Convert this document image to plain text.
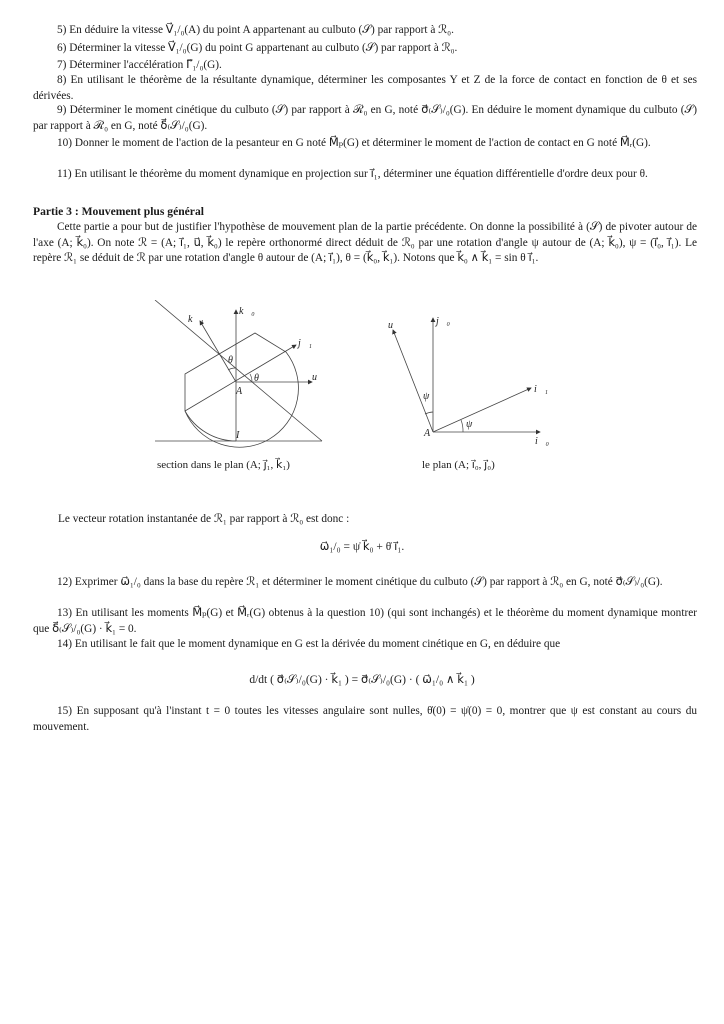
5) En déduire la vitesse V⃗₁/₀(A) du point A appartenant au culbuto (𝒮) par rapport à ℛ₀.
6) Déterminer la vitesse V⃗₁/₀(G) du point G appartenant au culbuto (𝒮) par rapport à ℛ₀.
7) Déterminer l'accélération Γ⃗₁/₀(G).
8) En utilisant le théorème de la résultante dynamique, déterminer les composantes Y et Z de la force de contact en fonction de θ et ses dérivées.
9) Déterminer le moment cinétique du culbuto (𝒮) par rapport à ℛ₀ en G, noté σ⃗₍𝒮₎/₀(G). En déduire le moment dynamique du culbuto (𝒮) par rapport à ℛ₀ en G, noté δ⃗₍𝒮₎/₀(G).
10) Donner le moment de l'action de la pesanteur en G noté M⃗ₚ(G) et déterminer le moment de l'action de contact en G noté M⃗ᵣ(G).
11) En utilisant le théorème du moment dynamique en projection sur i⃗₁, déterminer une équation différentielle d'ordre deux pour θ.
Partie 3 : Mouvement plus général
Cette partie a pour but de justifier l'hypothèse de mouvement plan de la partie précédente. On donne la possibilité à (𝒮) de pivoter autour de l'axe (A; k⃗₀). On note ℛ = (A; i⃗₁, u⃗, k⃗₀) le repère orthonormé direct déduit de ℛ₀ par une rotation d'angle ψ autour de (A; k⃗₀), ψ = (i⃗₀, i⃗₁). Le repère ℛ₁ se déduit de ℛ par une rotation d'angle θ autour de (A; i⃗₁), θ = (k⃗₀, k⃗₁). Notons que k⃗₀ ∧ k⃗₁ = sin θ i⃗₁.
k⃗₁
k⃗₀
j⃗₁
u⃗
A
I
θ
θ
section dans le plan (A; j⃗₁, k⃗₁)
u⃗	j⃗₀
i⃗₁
i⃗₀
A
ψ
ψ
le plan (A; i⃗₀, j⃗₀)
Le vecteur rotation instantanée de ℛ₁ par rapport à ℛ₀ est donc :
ω⃗₁/₀ = ψ̇ k⃗₀ + θ̇ i⃗₁.
12) Exprimer ω⃗₁/₀ dans la base du repère ℛ₁ et déterminer le moment cinétique du culbuto (𝒮) par rapport à ℛ₀ en G, noté σ⃗₍𝒮₎/₀(G).
13) En utilisant les moments M⃗ₚ(G) et M⃗ᵣ(G) obtenus à la question 10) (qui sont inchangés) et le théorème du moment dynamique montrer que δ⃗₍𝒮₎/₀(G) · k⃗₁ = 0.
14) En utilisant le fait que le moment dynamique en G est la dérivée du moment cinétique en G, en déduire que
d/dt ( σ⃗₍𝒮₎/₀(G) · k⃗₁ ) = σ⃗₍𝒮₎/₀(G) · ( ω⃗₁/₀ ∧ k⃗₁ )
15) En supposant qu'à l'instant t = 0 toutes les vitesses angulaire sont nulles, θ̇(0) = ψ̇(0) = 0, montrer que ψ est constant au cours du mouvement.
